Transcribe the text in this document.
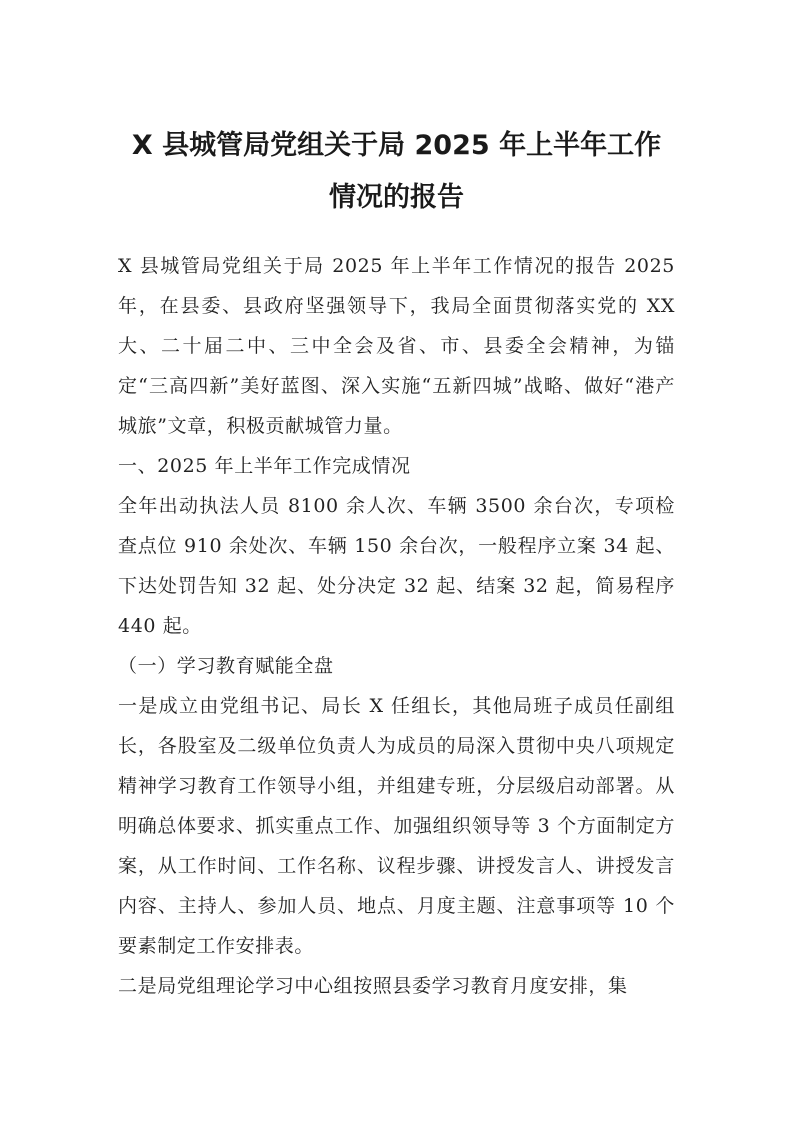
X 县城管局党组关于局 2025 年上半年工作
情况的报告

X 县城管局党组关于局 2025 年上半年工作情况的报告 2025 年，在县委、县政府坚强领导下，我局全面贯彻落实党的 XX 大、二十届二中、三中全会及省、市、县委全会精神，为锚定“三高四新”美好蓝图、深入实施“五新四城”战略、做好“港产城旅”文章，积极贡献城管力量。

一、2025 年上半年工作完成情况

全年出动执法人员 8100 余人次、车辆 3500 余台次，专项检查点位 910 余处次、车辆 150 余台次，一般程序立案 34 起、下达处罚告知 32 起、处分决定 32 起、结案 32 起，简易程序 440 起。

（一）学习教育赋能全盘

一是成立由党组书记、局长 X 任组长，其他局班子成员任副组长，各股室及二级单位负责人为成员的局深入贯彻中央八项规定精神学习教育工作领导小组，并组建专班，分层级启动部署。从明确总体要求、抓实重点工作、加强组织领导等 3 个方面制定方案，从工作时间、工作名称、议程步骤、讲授发言人、讲授发言内容、主持人、参加人员、地点、月度主题、注意事项等 10 个要素制定工作安排表。

二是局党组理论学习中心组按照县委学习教育月度安排，集
